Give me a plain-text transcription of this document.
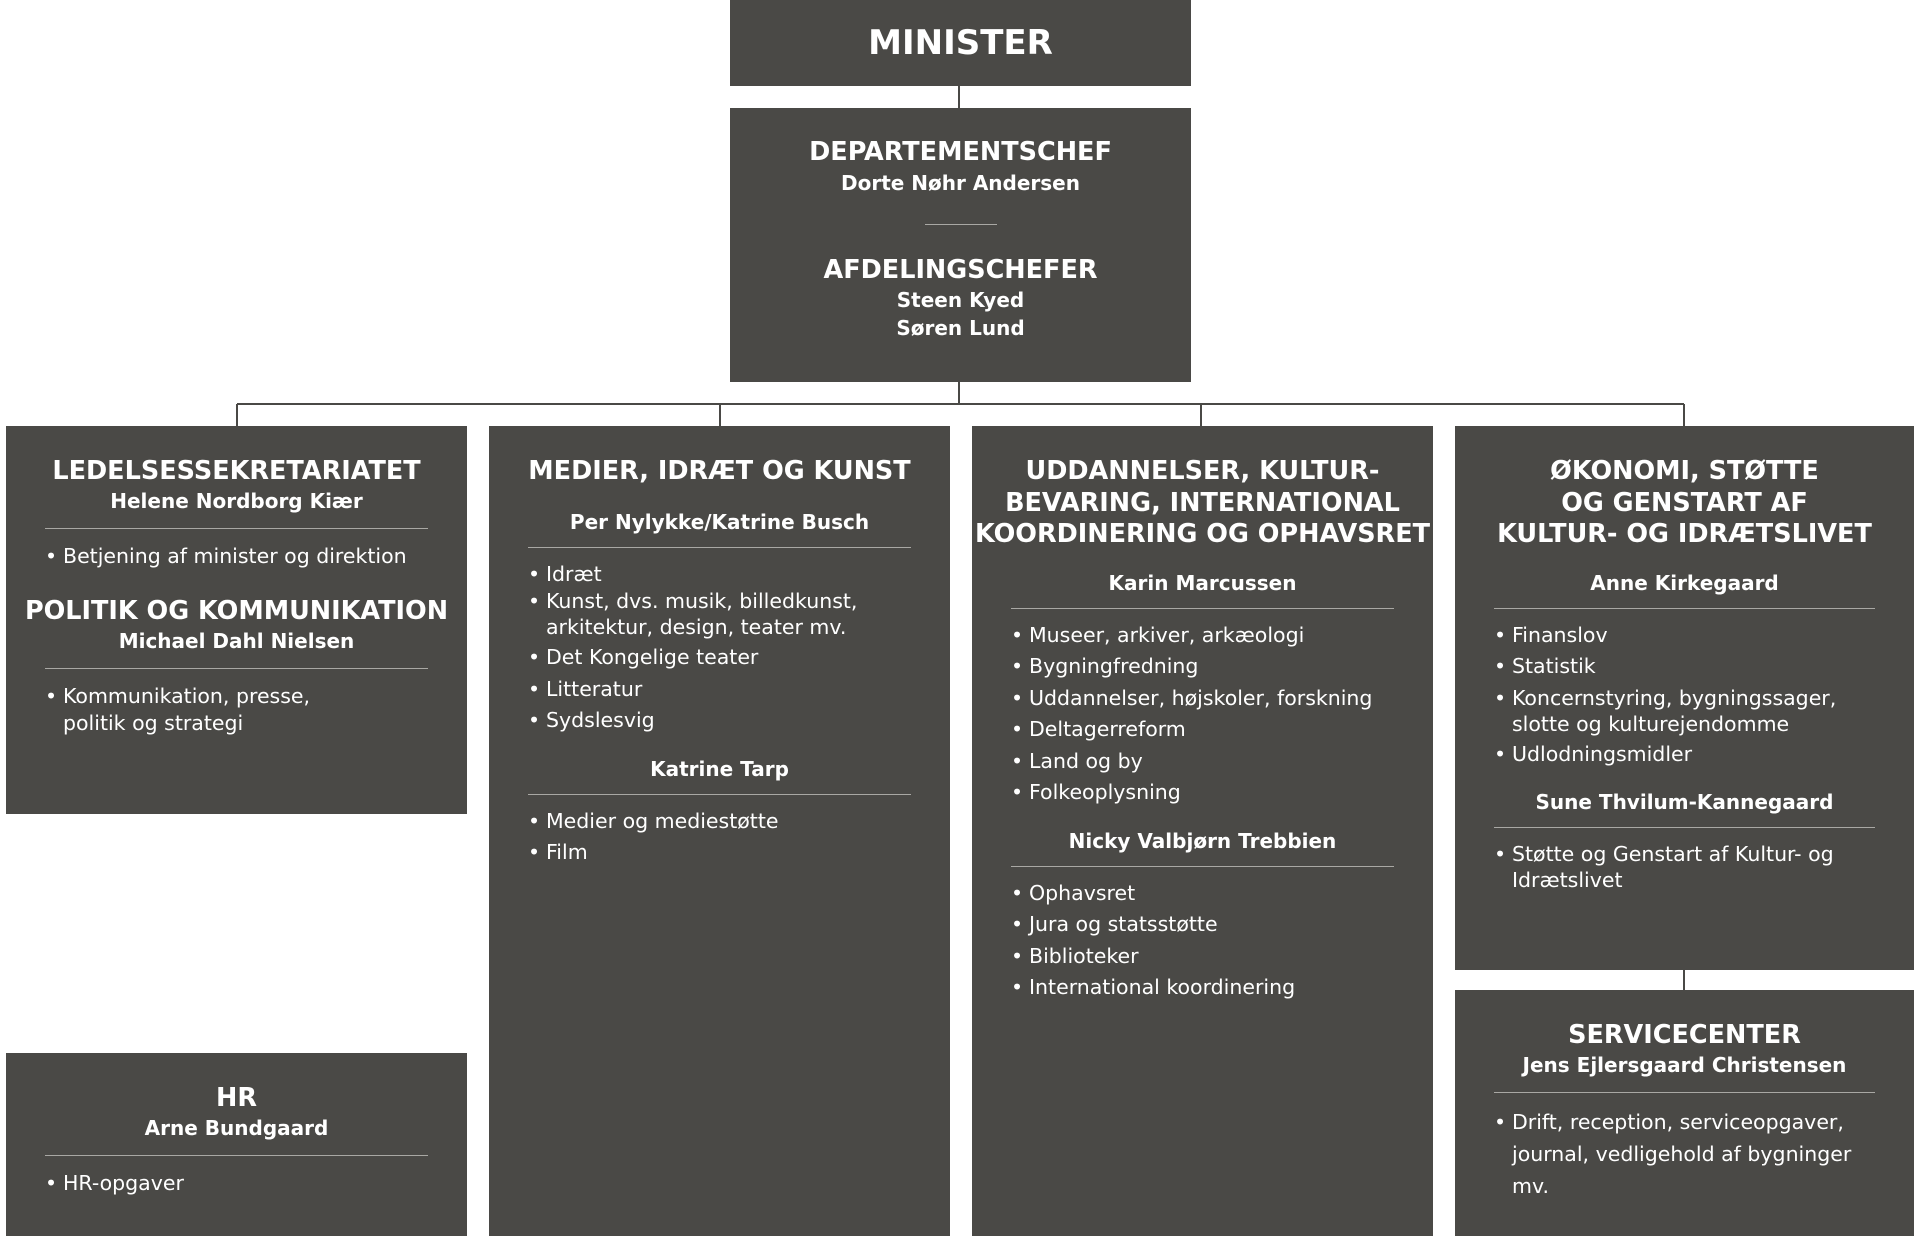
MINISTER
DEPARTEMENTSCHEF
Dorte Nøhr Andersen
AFDELINGSCHEFER
Steen Kyed
Søren Lund
LEDELSESSEKRETARIATET
Helene Nordborg Kiær
• Betjening af minister og direktion
POLITIK OG KOMMUNIKATION
Michael Dahl Nielsen
• Kommunikation, presse,
politik og strategi
HR
Arne Bundgaard
• HR-opgaver
MEDIER, IDRÆT OG KUNST
Per Nylykke/Katrine Busch
• Idræt
• Kunst, dvs. musik, billedkunst,
arkitektur, design, teater mv.
• Det Kongelige teater
• Litteratur
• Sydslesvig
Katrine Tarp
• Medier og mediestøtte
• Film
UDDANNELSER, KULTUR-
BEVARING, INTERNATIONAL
KOORDINERING OG OPHAVSRET
Karin Marcussen
• Museer, arkiver, arkæologi
• Bygningfredning
• Uddannelser, højskoler, forskning
• Deltagerreform
• Land og by
• Folkeoplysning
Nicky Valbjørn Trebbien
• Ophavsret
• Jura og statsstøtte
• Biblioteker
• International koordinering
ØKONOMI, STØTTE
OG GENSTART AF
KULTUR- OG IDRÆTSLIVET
Anne Kirkegaard
• Finanslov
• Statistik
• Koncernstyring, bygningssager,
slotte og kulturejendomme
• Udlodningsmidler
Sune Thvilum-Kannegaard
• Støtte og Genstart af Kultur- og
Idrætslivet
SERVICECENTER
Jens Ejlersgaard Christensen
• Drift, reception, serviceopgaver,
journal, vedligehold af bygninger
mv.
